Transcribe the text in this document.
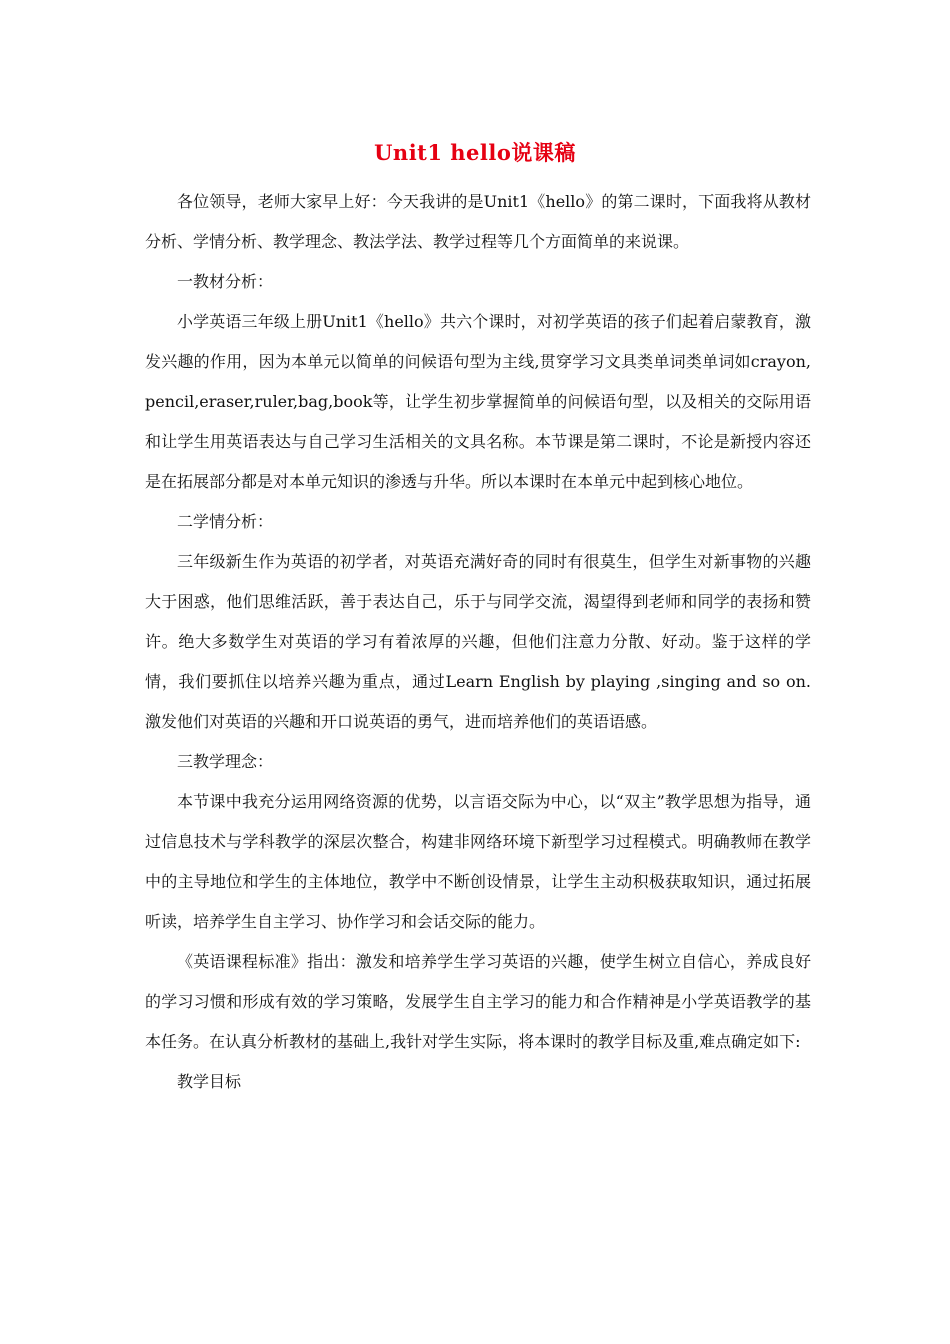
Unit1 hello说课稿

各位领导，老师大家早上好：今天我讲的是Unit1《hello》的第二课时，下面我将从教材分析、学情分析、教学理念、教法学法、教学过程等几个方面简单的来说课。

一教材分析：

小学英语三年级上册Unit1《hello》共六个课时，对初学英语的孩子们起着启蒙教育，激发兴趣的作用，因为本单元以简单的问候语句型为主线,贯穿学习文具类单词类单词如crayon,pencil,eraser,ruler,bag,book等，让学生初步掌握简单的问候语句型，以及相关的交际用语和让学生用英语表达与自己学习生活相关的文具名称。本节课是第二课时，不论是新授内容还是在拓展部分都是对本单元知识的渗透与升华。所以本课时在本单元中起到核心地位。

二学情分析：

三年级新生作为英语的初学者，对英语充满好奇的同时有很莫生，但学生对新事物的兴趣大于困惑，他们思维活跃，善于表达自己，乐于与同学交流，渴望得到老师和同学的表扬和赞许。绝大多数学生对英语的学习有着浓厚的兴趣，但他们注意力分散、好动。鉴于这样的学情，我们要抓住以培养兴趣为重点，通过Learn English by playing ,singing and so on. 激发他们对英语的兴趣和开口说英语的勇气，进而培养他们的英语语感。

三教学理念：

本节课中我充分运用网络资源的优势，以言语交际为中心，以“双主”教学思想为指导，通过信息技术与学科教学的深层次整合，构建非网络环境下新型学习过程模式。明确教师在教学中的主导地位和学生的主体地位，教学中不断创设情景，让学生主动积极获取知识，通过拓展听读，培养学生自主学习、协作学习和会话交际的能力。

《英语课程标准》指出：激发和培养学生学习英语的兴趣，使学生树立自信心，养成良好的学习习惯和形成有效的学习策略，发展学生自主学习的能力和合作精神是小学英语教学的基本任务。在认真分析教材的基础上,我针对学生实际，将本课时的教学目标及重,难点确定如下:

教学目标
